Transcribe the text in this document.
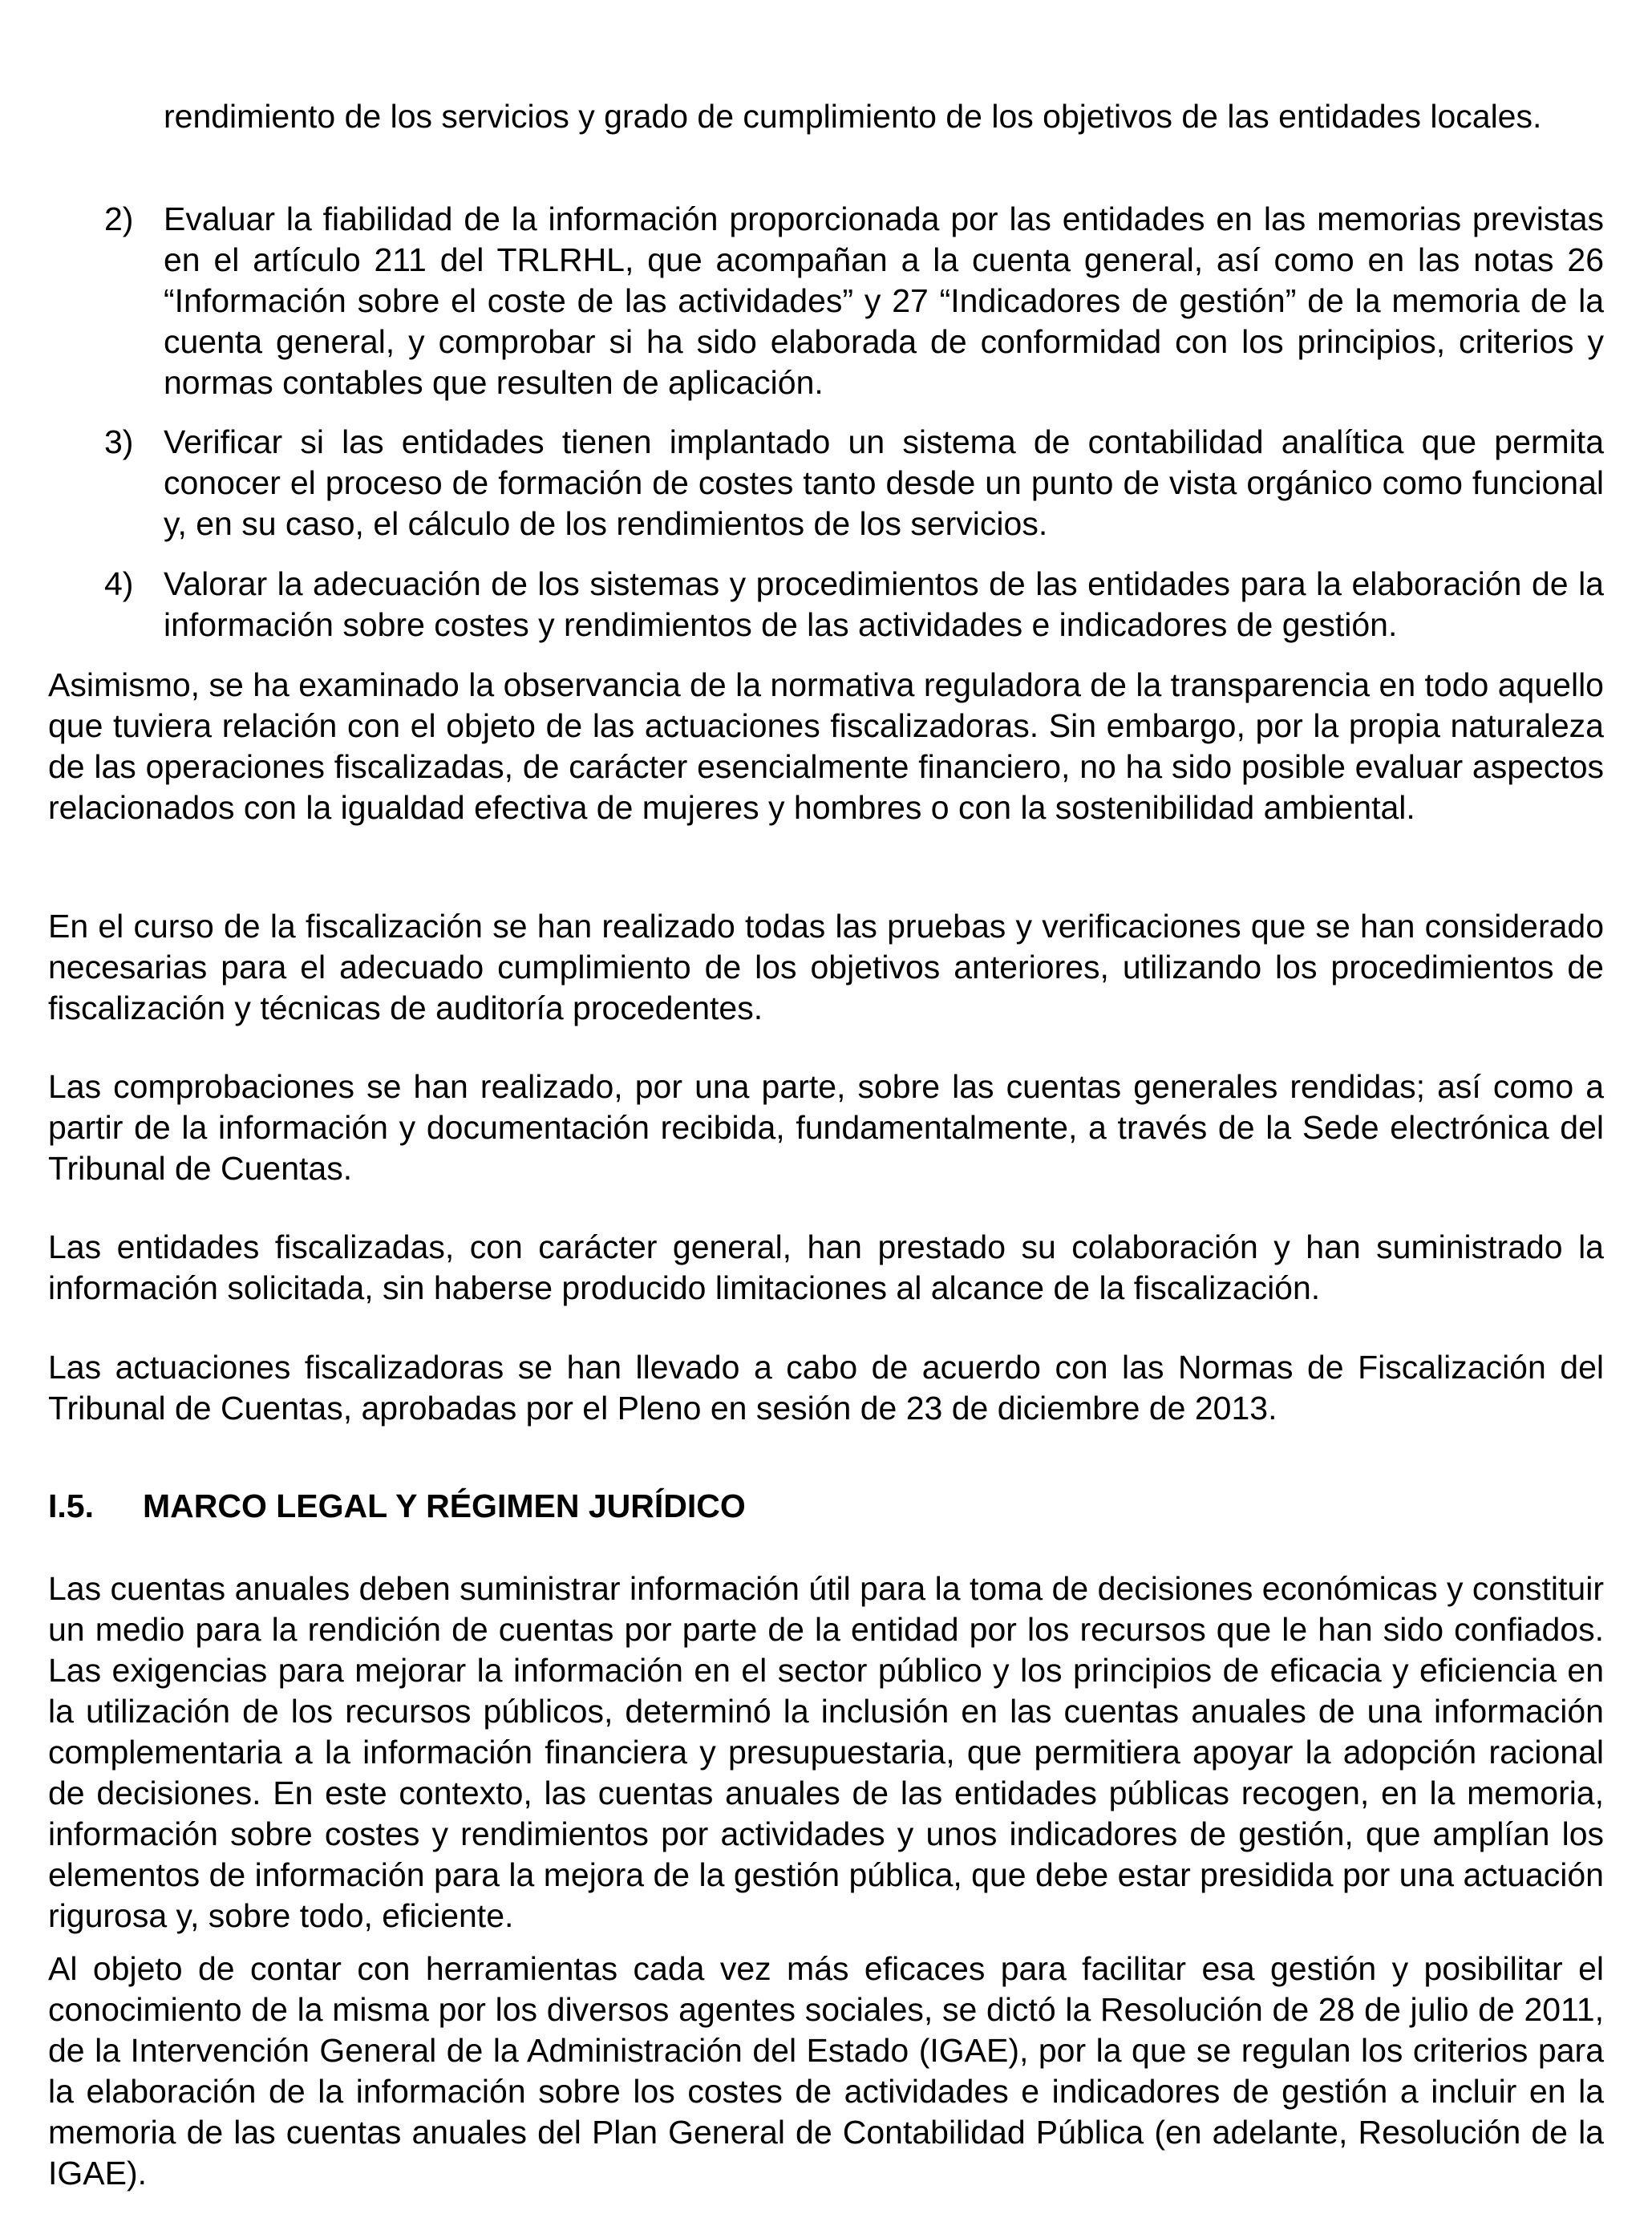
rendimiento de los servicios y grado de cumplimiento de los objetivos de las entidades locales.

2) Evaluar la fiabilidad de la información proporcionada por las entidades en las memorias previstas en el artículo 211 del TRLRHL, que acompañan a la cuenta general, así como en las notas 26 “Información sobre el coste de las actividades” y 27 “Indicadores de gestión” de la memoria de la cuenta general, y comprobar si ha sido elaborada de conformidad con los principios, criterios y normas contables que resulten de aplicación.

3) Verificar si las entidades tienen implantado un sistema de contabilidad analítica que permita conocer el proceso de formación de costes tanto desde un punto de vista orgánico como funcional y, en su caso, el cálculo de los rendimientos de los servicios.

4) Valorar la adecuación de los sistemas y procedimientos de las entidades para la elaboración de la información sobre costes y rendimientos de las actividades e indicadores de gestión.

Asimismo, se ha examinado la observancia de la normativa reguladora de la transparencia en todo aquello que tuviera relación con el objeto de las actuaciones fiscalizadoras. Sin embargo, por la propia naturaleza de las operaciones fiscalizadas, de carácter esencialmente financiero, no ha sido posible evaluar aspectos relacionados con la igualdad efectiva de mujeres y hombres o con la sostenibilidad ambiental.

En el curso de la fiscalización se han realizado todas las pruebas y verificaciones que se han considerado necesarias para el adecuado cumplimiento de los objetivos anteriores, utilizando los procedimientos de fiscalización y técnicas de auditoría procedentes.

Las comprobaciones se han realizado, por una parte, sobre las cuentas generales rendidas; así como a partir de la información y documentación recibida, fundamentalmente, a través de la Sede electrónica del Tribunal de Cuentas.

Las entidades fiscalizadas, con carácter general, han prestado su colaboración y han suministrado la información solicitada, sin haberse producido limitaciones al alcance de la fiscalización.

Las actuaciones fiscalizadoras se han llevado a cabo de acuerdo con las Normas de Fiscalización del Tribunal de Cuentas, aprobadas por el Pleno en sesión de 23 de diciembre de 2013.

I.5. MARCO LEGAL Y RÉGIMEN JURÍDICO

Las cuentas anuales deben suministrar información útil para la toma de decisiones económicas y constituir un medio para la rendición de cuentas por parte de la entidad por los recursos que le han sido confiados. Las exigencias para mejorar la información en el sector público y los principios de eficacia y eficiencia en la utilización de los recursos públicos, determinó la inclusión en las cuentas anuales de una información complementaria a la información financiera y presupuestaria, que permitiera apoyar la adopción racional de decisiones. En este contexto, las cuentas anuales de las entidades públicas recogen, en la memoria, información sobre costes y rendimientos por actividades y unos indicadores de gestión, que amplían los elementos de información para la mejora de la gestión pública, que debe estar presidida por una actuación rigurosa y, sobre todo, eficiente.

Al objeto de contar con herramientas cada vez más eficaces para facilitar esa gestión y posibilitar el conocimiento de la misma por los diversos agentes sociales, se dictó la Resolución de 28 de julio de 2011, de la Intervención General de la Administración del Estado (IGAE), por la que se regulan los criterios para la elaboración de la información sobre los costes de actividades e indicadores de gestión a incluir en la memoria de las cuentas anuales del Plan General de Contabilidad Pública (en adelante, Resolución de la IGAE).
